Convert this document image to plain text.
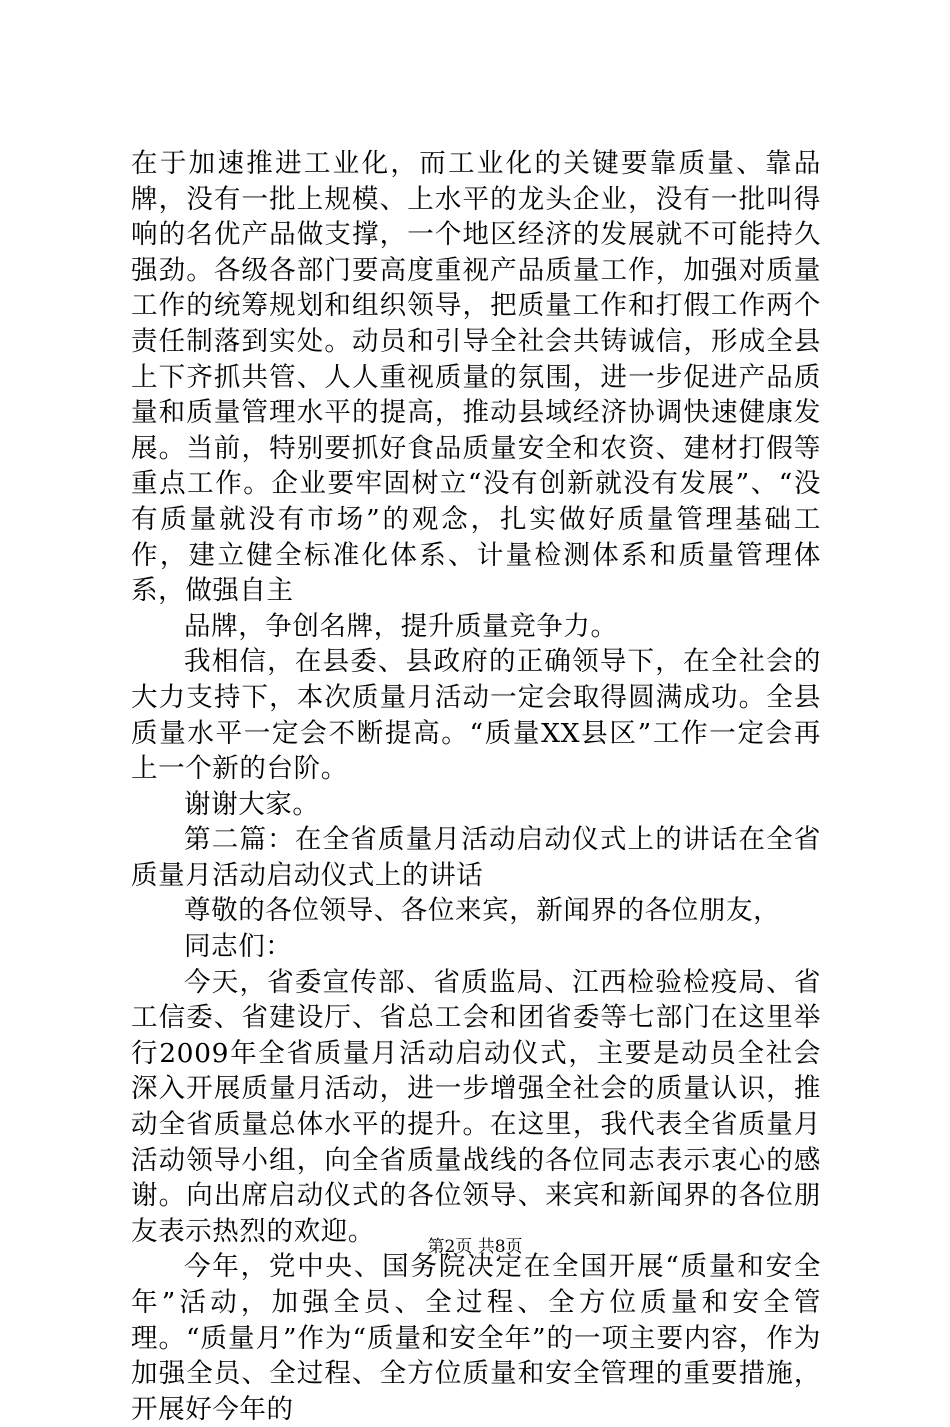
在于加速推进工业化，而工业化的关键要靠质量、靠品牌，没有一批上规模、上水平的龙头企业，没有一批叫得响的名优产品做支撑，一个地区经济的发展就不可能持久强劲。各级各部门要高度重视产品质量工作，加强对质量工作的统筹规划和组织领导，把质量工作和打假工作两个责任制落到实处。动员和引导全社会共铸诚信，形成全县上下齐抓共管、人人重视质量的氛围，进一步促进产品质量和质量管理水平的提高，推动县域经济协调快速健康发展。当前，特别要抓好食品质量安全和农资、建材打假等重点工作。企业要牢固树立“没有创新就没有发展”、“没有质量就没有市场”的观念，扎实做好质量管理基础工作，建立健全标准化体系、计量检测体系和质量管理体系，做强自主

品牌，争创名牌，提升质量竞争力。

我相信，在县委、县政府的正确领导下，在全社会的大力支持下，本次质量月活动一定会取得圆满成功。全县质量水平一定会不断提高。“质量XX县区”工作一定会再上一个新的台阶。

谢谢大家。

第二篇：在全省质量月活动启动仪式上的讲话在全省质量月活动启动仪式上的讲话

尊敬的各位领导、各位来宾，新闻界的各位朋友，

同志们：

今天，省委宣传部、省质监局、江西检验检疫局、省工信委、省建设厅、省总工会和团省委等七部门在这里举行2009年全省质量月活动启动仪式，主要是动员全社会深入开展质量月活动，进一步增强全社会的质量认识，推动全省质量总体水平的提升。在这里，我代表全省质量月活动领导小组，向全省质量战线的各位同志表示衷心的感谢。向出席启动仪式的各位领导、来宾和新闻界的各位朋友表示热烈的欢迎。

今年，党中央、国务院决定在全国开展“质量和安全年”活动，加强全员、全过程、全方位质量和安全管理。“质量月”作为“质量和安全年”的一项主要内容，作为加强全员、全过程、全方位质量和安全管理的重要措施，开展好今年的

第2页 共8页
